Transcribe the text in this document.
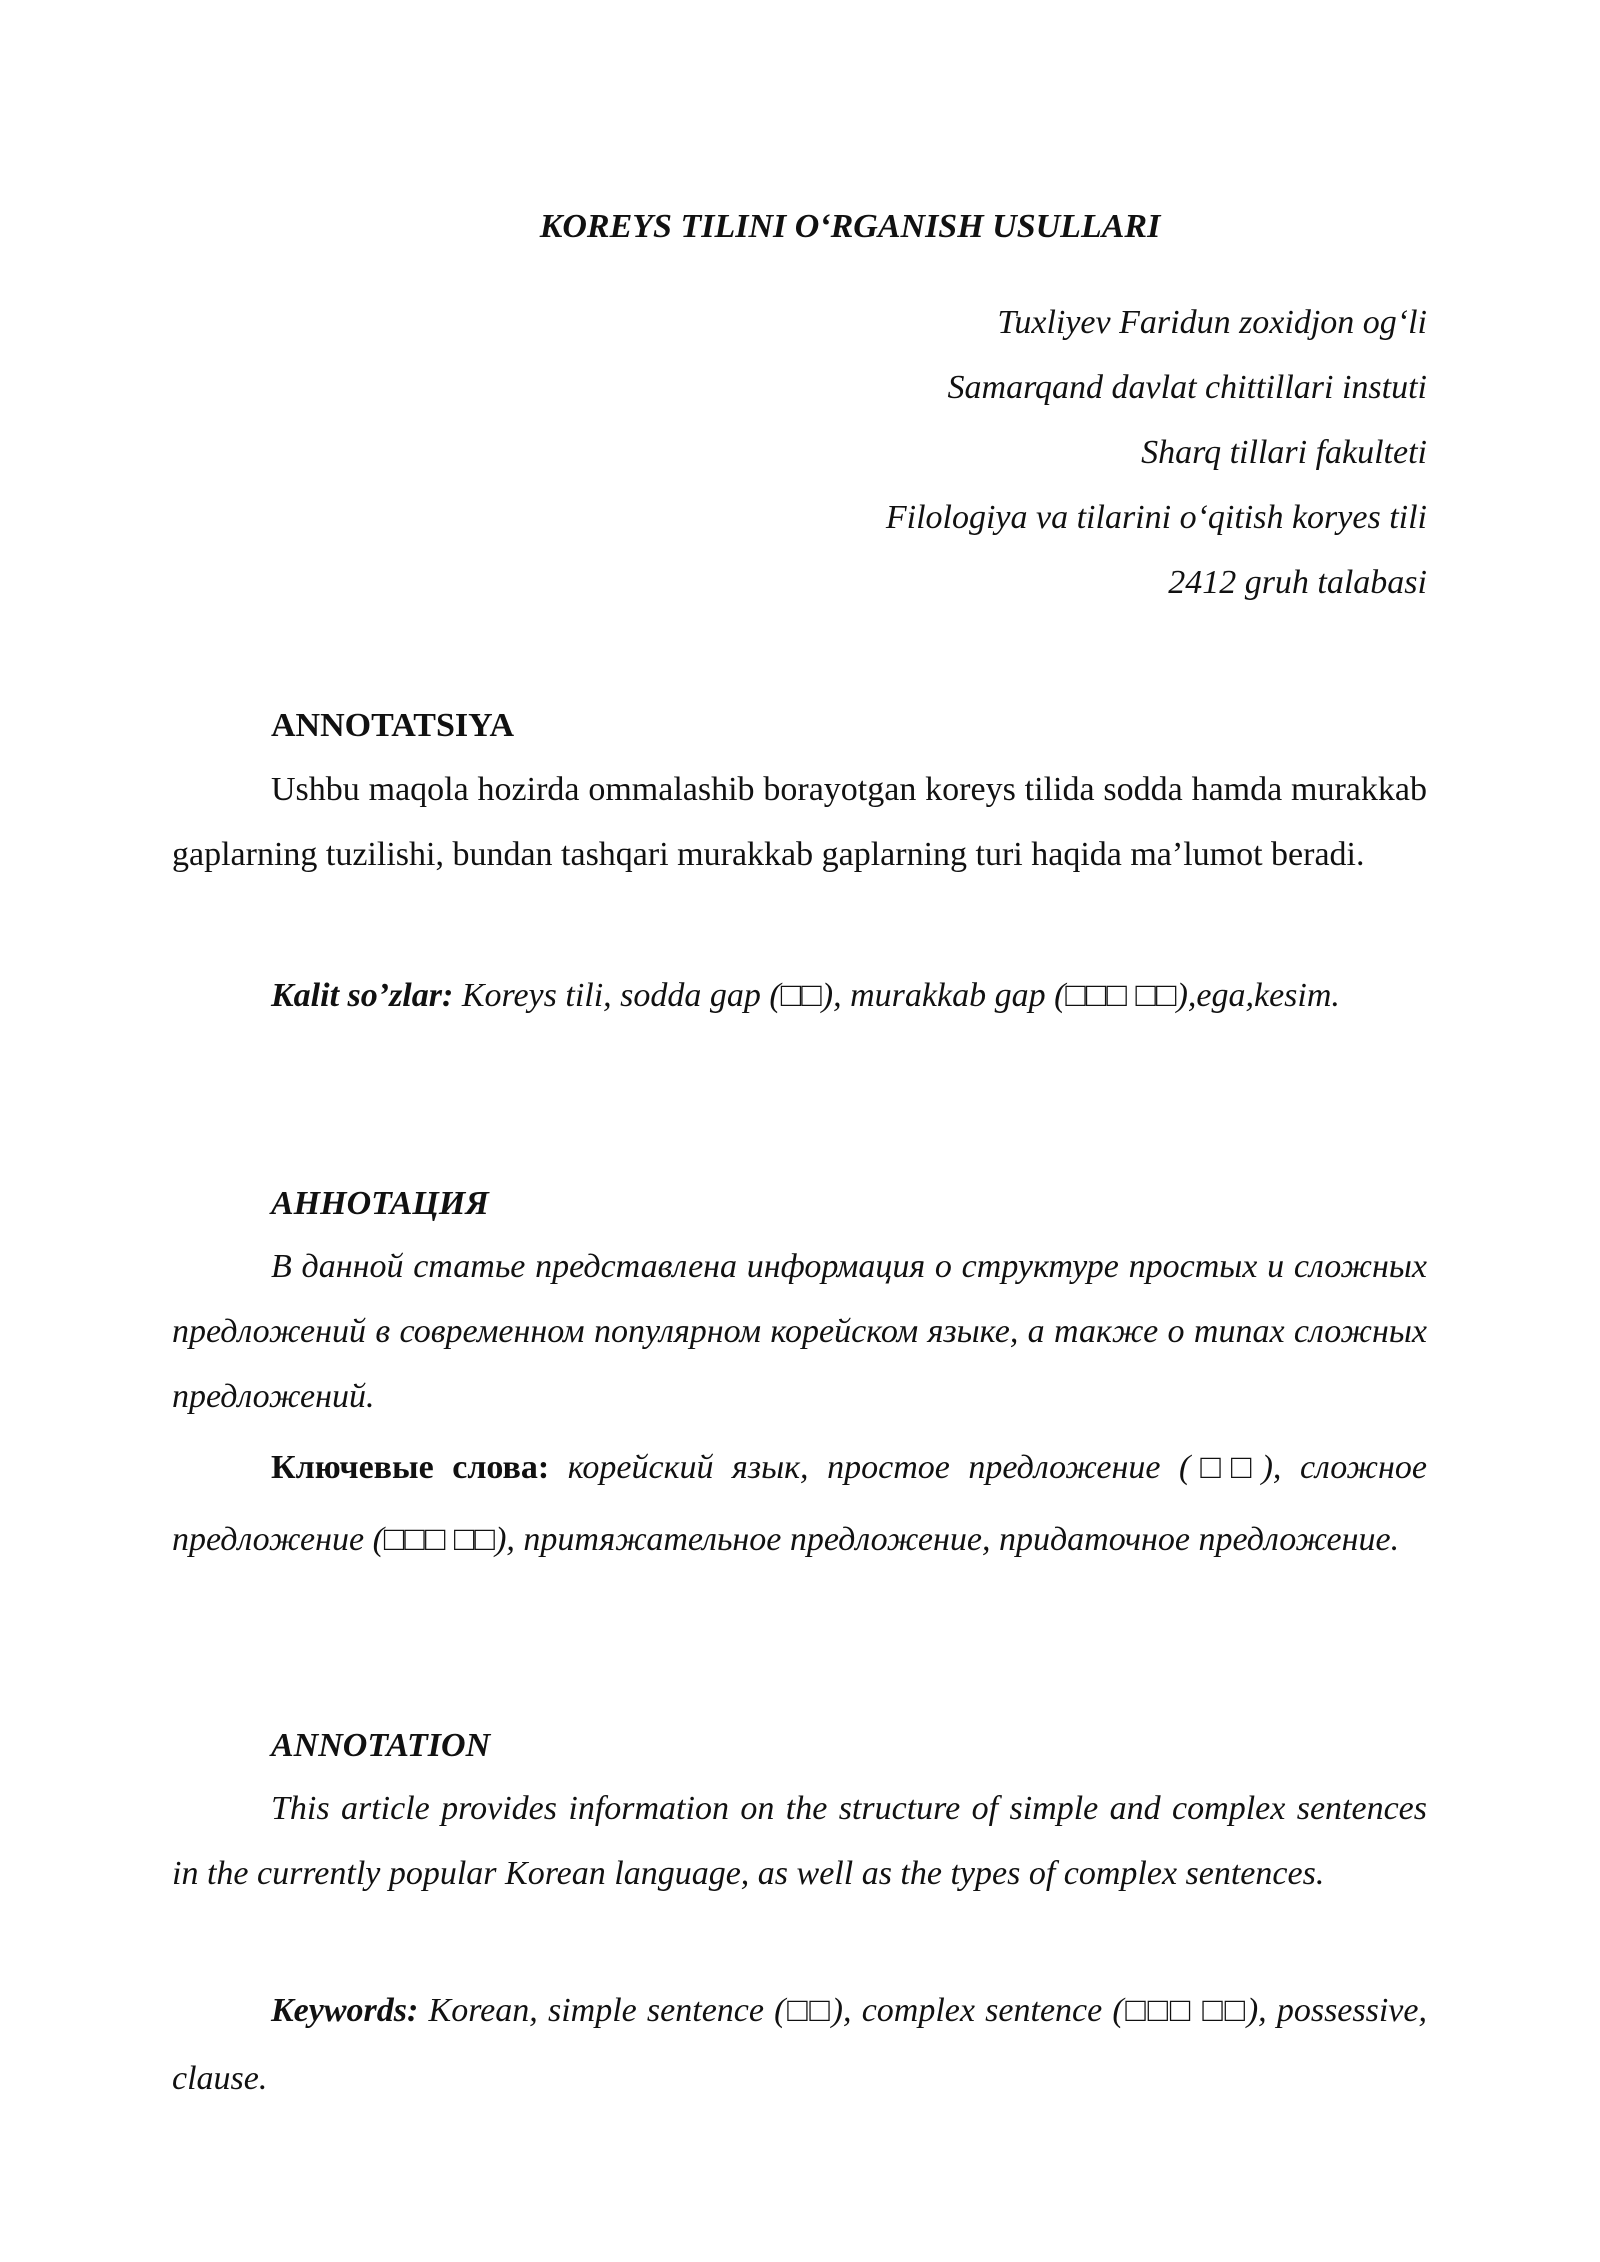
KOREYS TILINI O‘RGANISH USULLARI
Tuxliyev Faridun zoxidjon og‘li
Samarqand davlat chittillari instuti
Sharq tillari fakulteti
Filologiya va tilarini o‘qitish koryes tili
2412 gruh talabasi
ANNOTATSIYA
Ushbu maqola hozirda ommalashib borayotgan koreys tilida sodda hamda murakkab gaplarning tuzilishi, bundan tashqari murakkab gaplarning turi haqida ma’lumot beradi.
Kalit so’zlar: Koreys tili, sodda gap (□□), murakkab gap (□□□ □□),ega,kesim.
АННОТАЦИЯ
В данной статье представлена информация о структуре простых и сложных предложений в современном популярном корейском языке, а также о типах сложных предложений.
Ключевые слова: корейский язык, простое предложение (□□), сложное предложение (□□□ □□), притяжательное предложение, придаточное предложение.
ANNOTATION
This article provides information on the structure of simple and complex sentences in the currently popular Korean language, as well as the types of complex sentences.
Keywords: Korean, simple sentence (□□), complex sentence (□□□ □□), possessive, clause.
